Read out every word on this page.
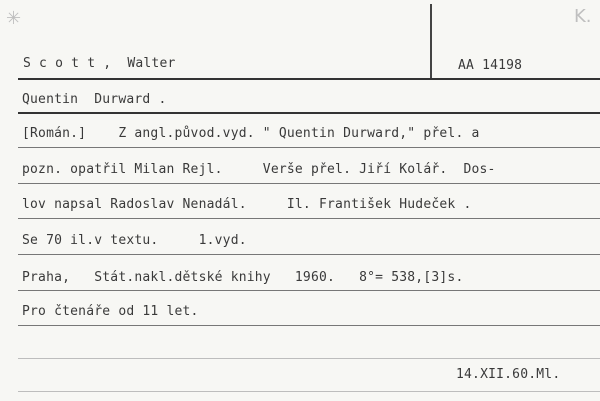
✳	K.
S c o t t ,  Walter	AA 14198
Quentin  Durward .
[Román.]    Z angl.původ.vyd. " Quentin Durward," přel. a
pozn. opatřil Milan Rejl.     Verše přel. Jiří Kolář.  Dos-
lov napsal Radoslav Nenadál.     Il. František Hudeček .
Se 70 il.v textu.     1.vyd.
Praha,   Stát.nakl.dětské knihy   1960.   8°= 538,[3]s.
Pro čtenáře od 11 let.
14.XII.60.Ml.
